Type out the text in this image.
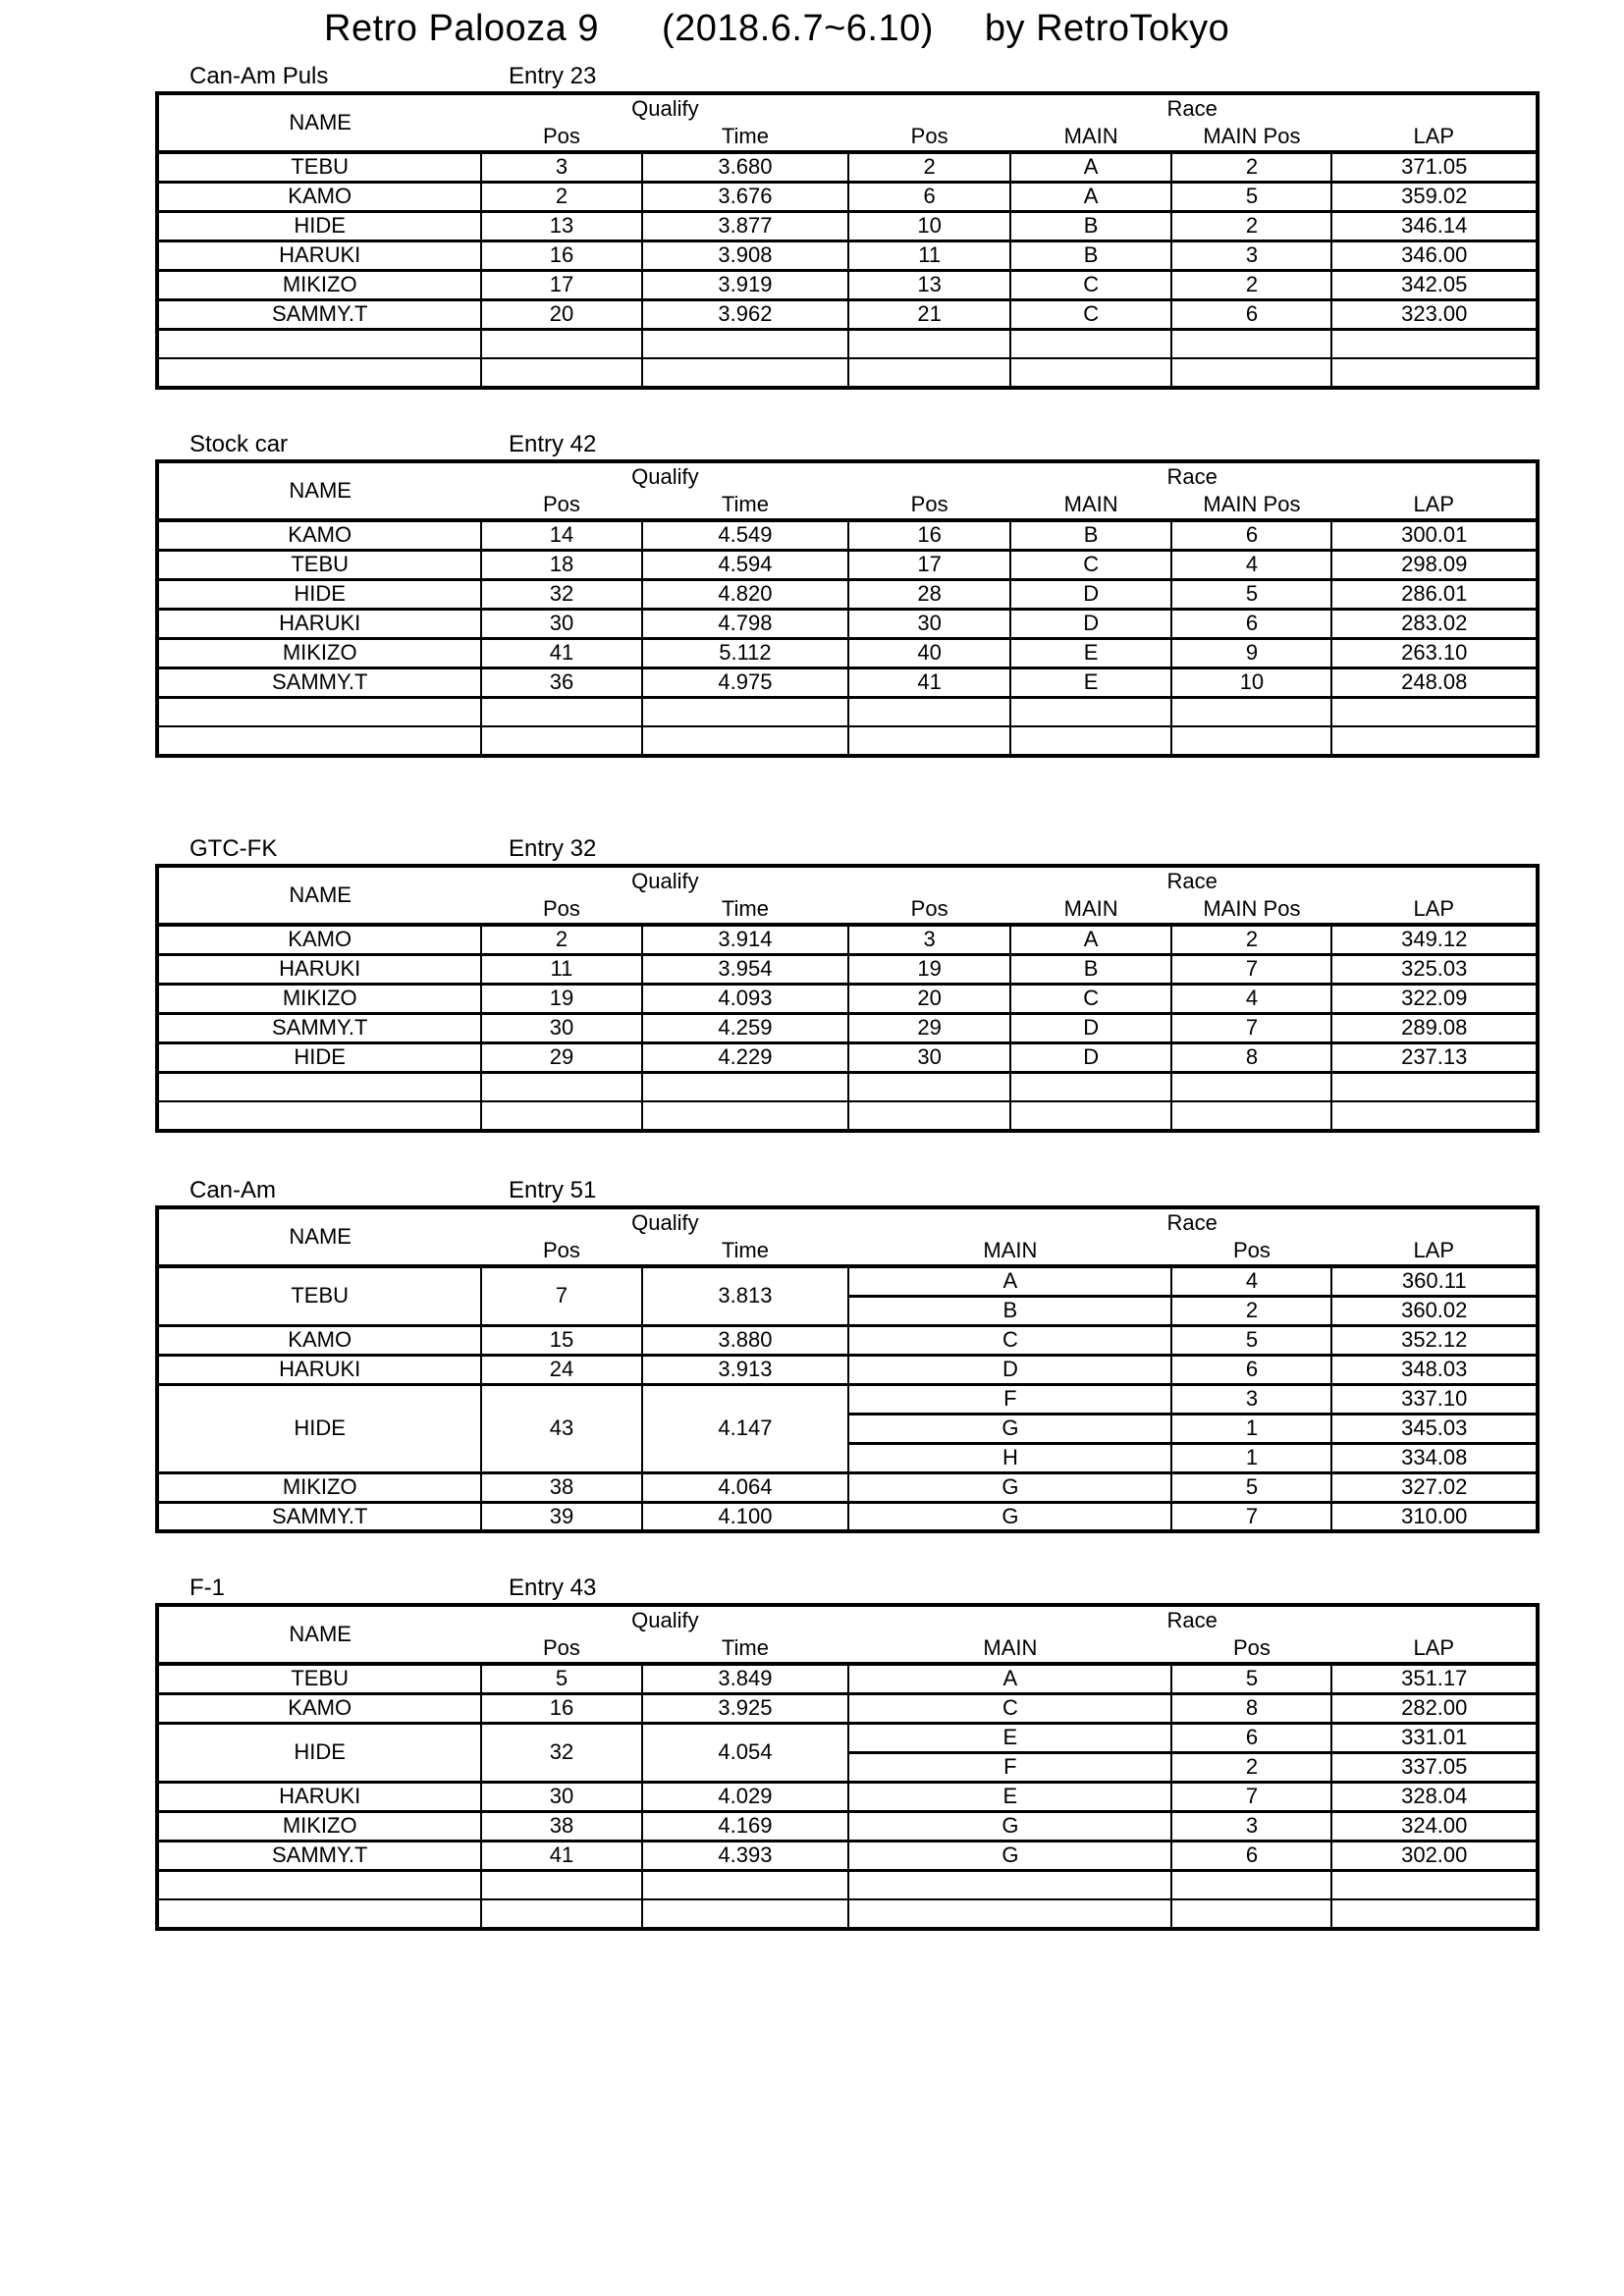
Retro Palooza 9 (2018.6.7~6.10) by RetroTokyo
Can-Am Puls	Entry 23
NAME	Qualify		Race			
	Pos	Time	Pos	MAIN	MAIN Pos	LAP
TEBU	3	3.680	2	A	2	371.05
KAMO	2	3.676	6	A	5	359.02
HIDE	13	3.877	10	B	2	346.14
HARUKI	16	3.908	11	B	3	346.00
MIKIZO	17	3.919	13	C	2	342.05
SAMMY.T	20	3.962	21	C	6	323.00

Stock car	Entry 42
NAME	Qualify		Race			
	Pos	Time	Pos	MAIN	MAIN Pos	LAP
KAMO	14	4.549	16	B	6	300.01
TEBU	18	4.594	17	C	4	298.09
HIDE	32	4.820	28	D	5	286.01
HARUKI	30	4.798	30	D	6	283.02
MIKIZO	41	5.112	40	E	9	263.10
SAMMY.T	36	4.975	41	E	10	248.08

GTC-FK	Entry 32
NAME	Qualify		Race			
	Pos	Time	Pos	MAIN	MAIN Pos	LAP
KAMO	2	3.914	3	A	2	349.12
HARUKI	11	3.954	19	B	7	325.03
MIKIZO	19	4.093	20	C	4	322.09
SAMMY.T	30	4.259	29	D	7	289.08
HIDE	29	4.229	30	D	8	237.13

Can-Am	Entry 51
NAME	Qualify		Race		
	Pos	Time	MAIN	Pos	LAP
TEBU	7	3.813	A	4	360.11
			B	2	360.02
KAMO	15	3.880	C	5	352.12
HARUKI	24	3.913	D	6	348.03
HIDE	43	4.147	F	3	337.10
			G	1	345.03
			H	1	334.08
MIKIZO	38	4.064	G	5	327.02
SAMMY.T	39	4.100	G	7	310.00
F-1	Entry 43
NAME	Qualify		Race		
	Pos	Time	MAIN	Pos	LAP
TEBU	5	3.849	A	5	351.17
KAMO	16	3.925	C	8	282.00
HIDE	32	4.054	E	6	331.01
			F	2	337.05
HARUKI	30	4.029	E	7	328.04
MIKIZO	38	4.169	G	3	324.00
SAMMY.T	41	4.393	G	6	302.00
